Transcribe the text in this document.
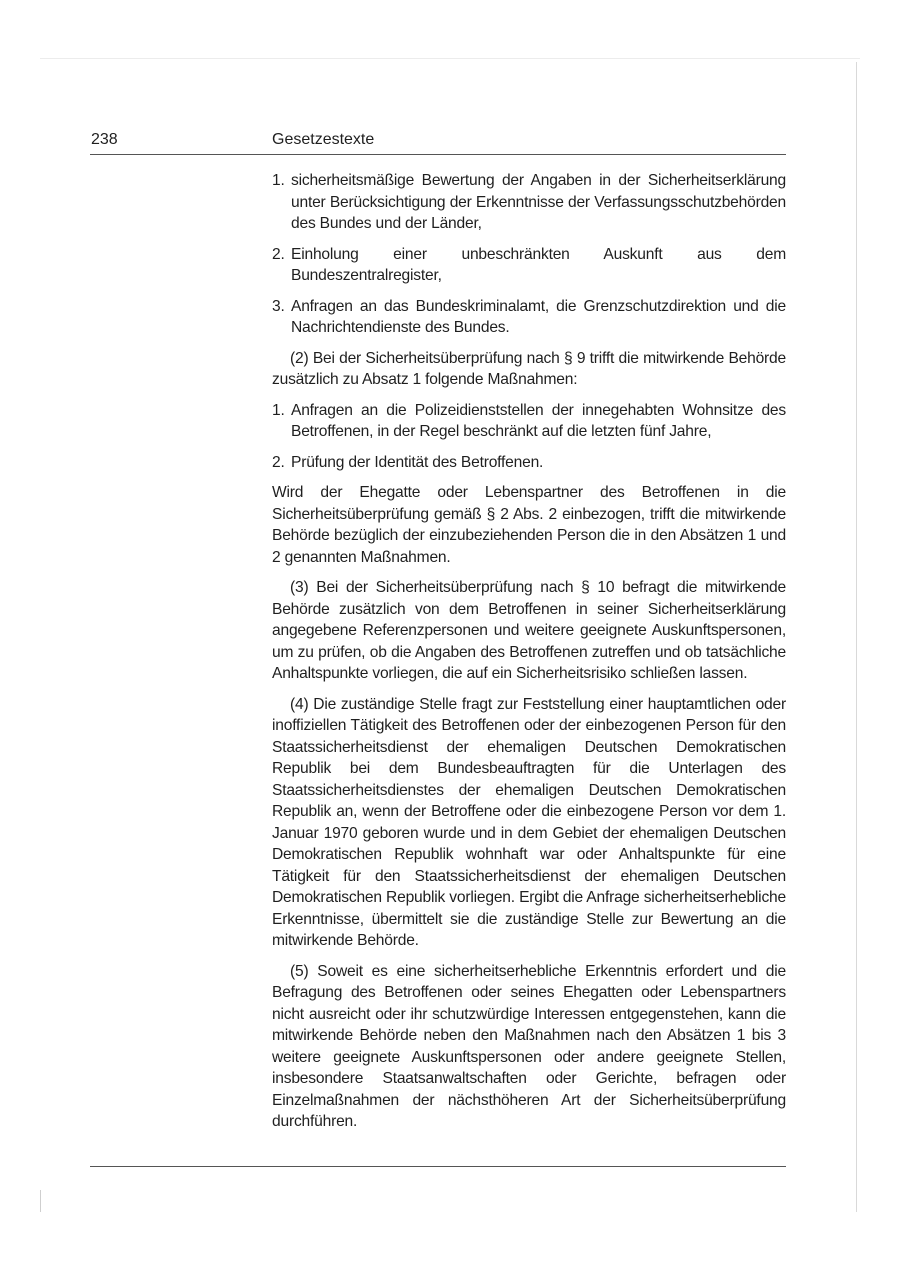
238	Gesetzestexte
1. sicherheitsmäßige Bewertung der Angaben in der Sicherheitserklärung unter Berücksichtigung der Erkenntnisse der Verfassungsschutzbehörden des Bundes und der Länder,
2. Einholung einer unbeschränkten Auskunft aus dem Bundeszentralregister,
3. Anfragen an das Bundeskriminalamt, die Grenzschutzdirektion und die Nachrichtendienste des Bundes.

(2) Bei der Sicherheitsüberprüfung nach § 9 trifft die mitwirkende Behörde zusätzlich zu Absatz 1 folgende Maßnahmen:

1. Anfragen an die Polizeidienststellen der innegehabten Wohnsitze des Betroffenen, in der Regel beschränkt auf die letzten fünf Jahre,
2. Prüfung der Identität des Betroffenen.

Wird der Ehegatte oder Lebenspartner des Betroffenen in die Sicherheitsüberprüfung gemäß § 2 Abs. 2 einbezogen, trifft die mitwirkende Behörde bezüglich der einzubeziehenden Person die in den Absätzen 1 und 2 genannten Maßnahmen.

(3) Bei der Sicherheitsüberprüfung nach § 10 befragt die mitwirkende Behörde zusätzlich von dem Betroffenen in seiner Sicherheitserklärung angegebene Referenzpersonen und weitere geeignete Auskunftspersonen, um zu prüfen, ob die Angaben des Betroffenen zutreffen und ob tatsächliche Anhaltspunkte vorliegen, die auf ein Sicherheitsrisiko schließen lassen.

(4) Die zuständige Stelle fragt zur Feststellung einer hauptamtlichen oder inoffiziellen Tätigkeit des Betroffenen oder der einbezogenen Person für den Staatssicherheitsdienst der ehemaligen Deutschen Demokratischen Republik bei dem Bundesbeauftragten für die Unterlagen des Staatssicherheitsdienstes der ehemaligen Deutschen Demokratischen Republik an, wenn der Betroffene oder die einbezogene Person vor dem 1. Januar 1970 geboren wurde und in dem Gebiet der ehemaligen Deutschen Demokratischen Republik wohnhaft war oder Anhaltspunkte für eine Tätigkeit für den Staatssicherheitsdienst der ehemaligen Deutschen Demokratischen Republik vorliegen. Ergibt die Anfrage sicherheitserhebliche Erkenntnisse, übermittelt sie die zuständige Stelle zur Bewertung an die mitwirkende Behörde.

(5) Soweit es eine sicherheitserhebliche Erkenntnis erfordert und die Befragung des Betroffenen oder seines Ehegatten oder Lebenspartners nicht ausreicht oder ihr schutzwürdige Interessen entgegenstehen, kann die mitwirkende Behörde neben den Maßnahmen nach den Absätzen 1 bis 3 weitere geeignete Auskunftspersonen oder andere geeignete Stellen, insbesondere Staatsanwaltschaften oder Gerichte, befragen oder Einzelmaßnahmen der nächsthöheren Art der Sicherheitsüberprüfung durchführen.
